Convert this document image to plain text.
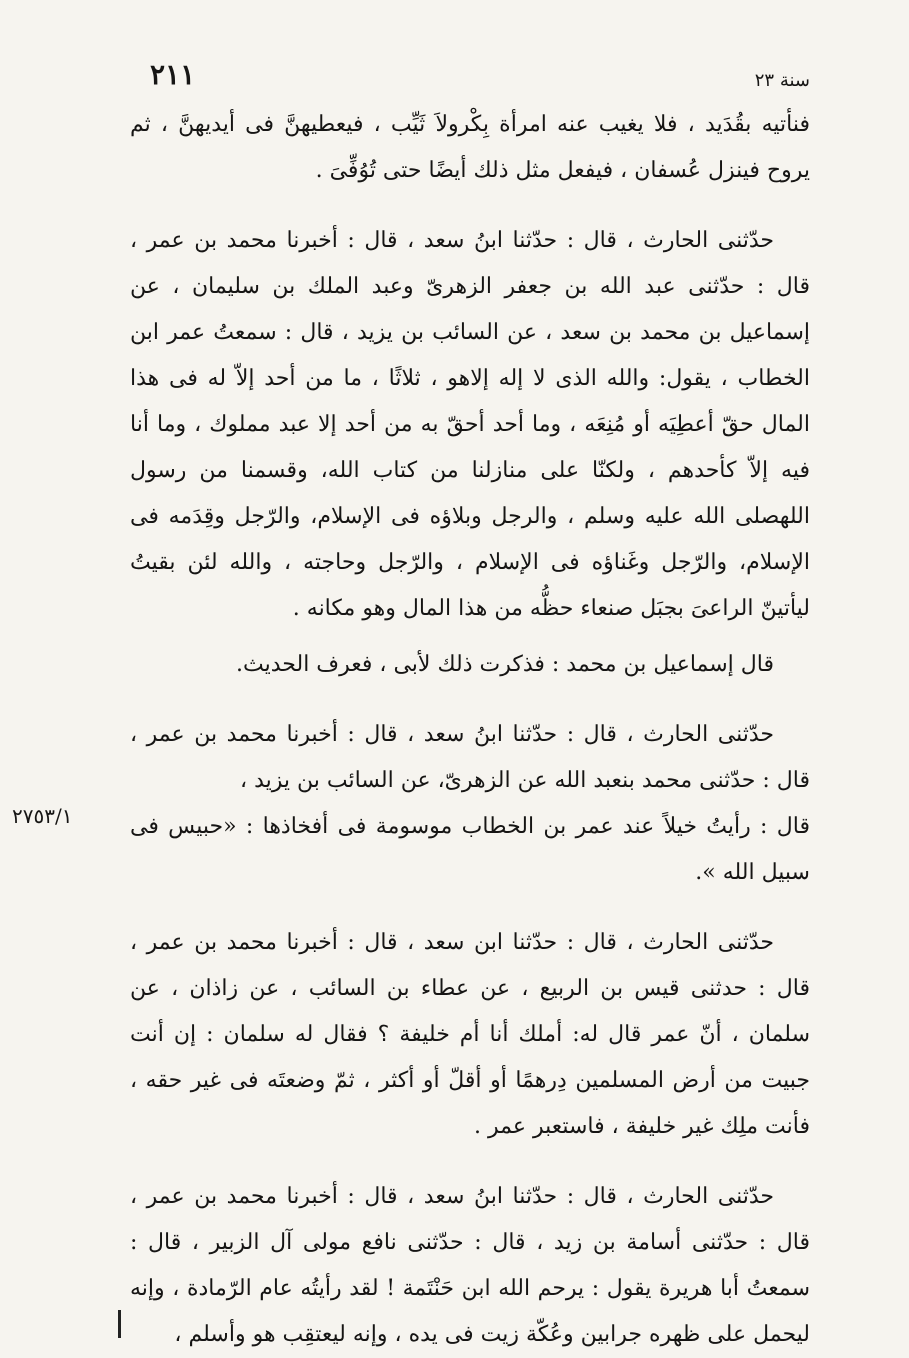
سنة ٢٣
٢١١

فنأتيه بقُدَيد ، فلا يغيب عنه امرأة بِكْرولاَ ثَيِّب ، فيعطيهنَّ فى أيديهنَّ ، ثم يروح فينزل عُسفان ، فيفعل مثل ذلك أيضًا حتى تُوُفِّىَ .

حدّثنى الحارث ، قال : حدّثنا ابنُ سعد ، قال : أخبرنا محمد بن عمر ، قال : حدّثنى عبد الله بن جعفر الزهرىّ وعبد الملك بن سليمان ، عن إسماعيل بن محمد بن سعد ، عن السائب بن يزيد ، قال : سمعتُ عمر ابن الخطاب ، يقول: والله الذى لا إله إلاهو ، ثلاثًا ، ما من أحد إلاّ له فى هذا المال حقّ أعطِيَه أو مُنِعَه ، وما أحد أحقّ به من أحد إلا عبد مملوك ، وما أنا فيه إلاّ كأحدهم ، ولكنّا على منازلنا من كتاب الله، وقسمنا من رسول اللهصلى الله عليه وسلم ، والرجل وبلاؤه فى الإسلام، والرّجل وقِدَمه فى الإسلام، والرّجل وغَناؤه فى الإسلام ، والرّجل وحاجته ، والله لئن بقيتُ ليأتينّ الراعىَ بجبَل صنعاء حظُّه من هذا المال وهو مكانه .

قال إسماعيل بن محمد : فذكرت ذلك لأبى ، فعرف الحديث.

حدّثنى الحارث ، قال : حدّثنا ابنُ سعد ، قال : أخبرنا محمد بن عمر ، قال : حدّثنى محمد بنعبد الله عن الزهرىّ، عن السائب بن يزيد ،

قال : رأيتُ خيلاً عند عمر بن الخطاب موسومة فى أفخاذها : «حبيس فى سبيل الله ».

٢٧٥٣/١

حدّثنى الحارث ، قال : حدّثنا ابن سعد ، قال : أخبرنا محمد بن عمر ، قال : حدثنى قيس بن الربيع ، عن عطاء بن السائب ، عن زاذان ، عن سلمان ، أنّ عمر قال له: أملك أنا أم خليفة ؟ فقال له سلمان : إن أنت جبيت من أرض المسلمين دِرهمًا أو أقلّ أو أكثر ، ثمّ وضعتَه فى غير حقه ، فأنت ملِك غير خليفة ، فاستعبر عمر .

حدّثنى الحارث ، قال : حدّثنا ابنُ سعد ، قال : أخبرنا محمد بن عمر ، قال : حدّثنى أسامة بن زيد ، قال : حدّثنى نافع مولى آل الزبير ، قال : سمعتُ أبا هريرة يقول : يرحم الله ابن حَنْتَمة ! لقد رأيتُه عام الرّمادة ، وإنه ليحمل على ظهره جرابين وعُكّة زيت فى يده ، وإنه ليعتقِب هو وأسلم ،
